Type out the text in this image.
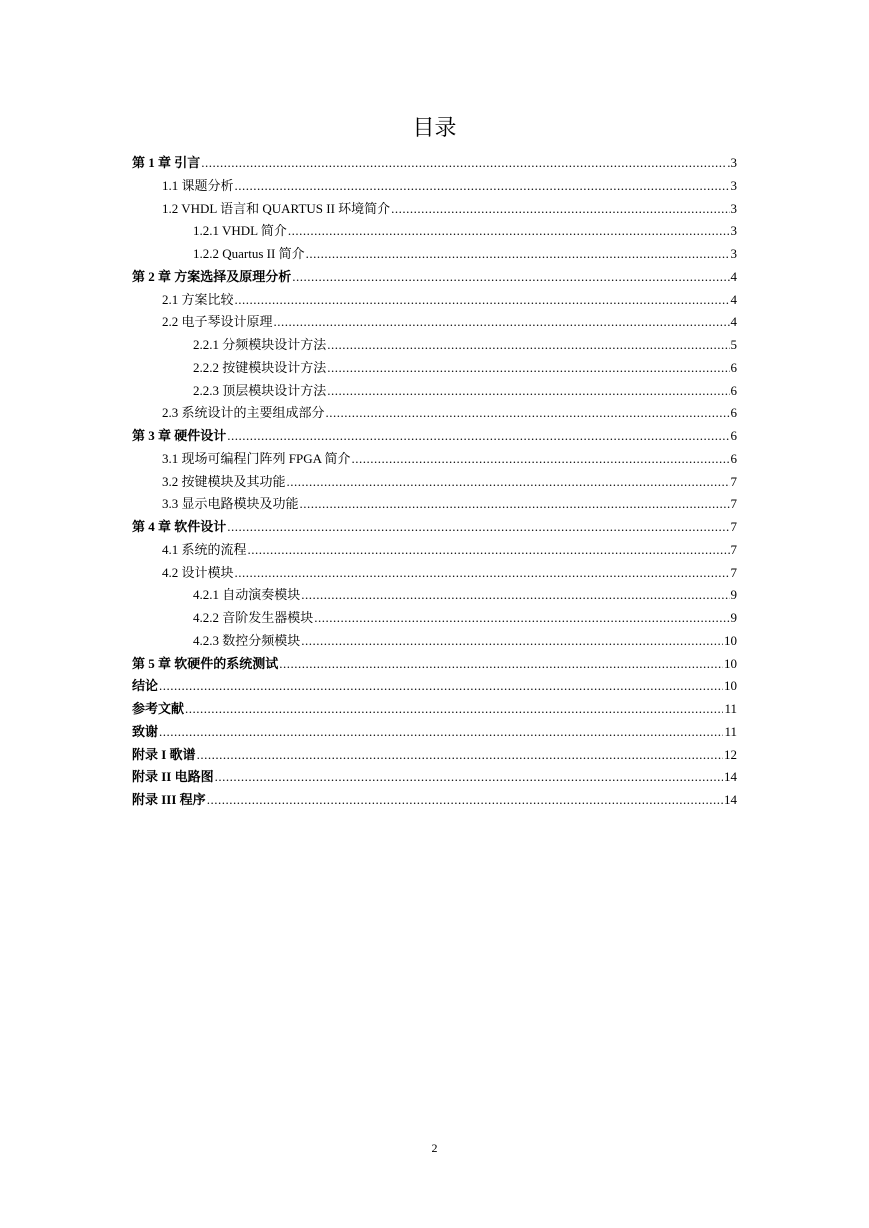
目录
第 1 章 引言 .....	.3
1.1 课题分析 .....	3
1.2 VHDL 语言和 QUARTUS II 环境简介 .....	3
1.2.1 VHDL 简介 .....	3
1.2.2 Quartus II 简介 .....	3
第 2 章 方案选择及原理分析 .....	4
2.1 方案比较 .....	4
2.2 电子琴设计原理 .....	4
2.2.1 分频模块设计方法 .....	5
2.2.2 按键模块设计方法 .....	6
2.2.3 顶层模块设计方法 .....	6
2.3 系统设计的主要组成部分 .....	6
第 3 章 硬件设计 .....	6
3.1 现场可编程门阵列 FPGA 简介 .....	6
3.2 按键模块及其功能 .....	7
3.3 显示电路模块及功能 .....	7
第 4 章 软件设计 .....	7
4.1 系统的流程 .....	7
4.2 设计模块 .....	7
4.2.1 自动演奏模块 .....	9
4.2.2 音阶发生器模块 .....	9
4.2.3 数控分频模块 .....	10
第 5 章 软硬件的系统测试 .....	10
结论 .....	10
参考文献 .....	11
致谢 .....	11
附录 I 歌谱 .....	12
附录 II 电路图 .....	14
附录 III 程序 .....	14
2
